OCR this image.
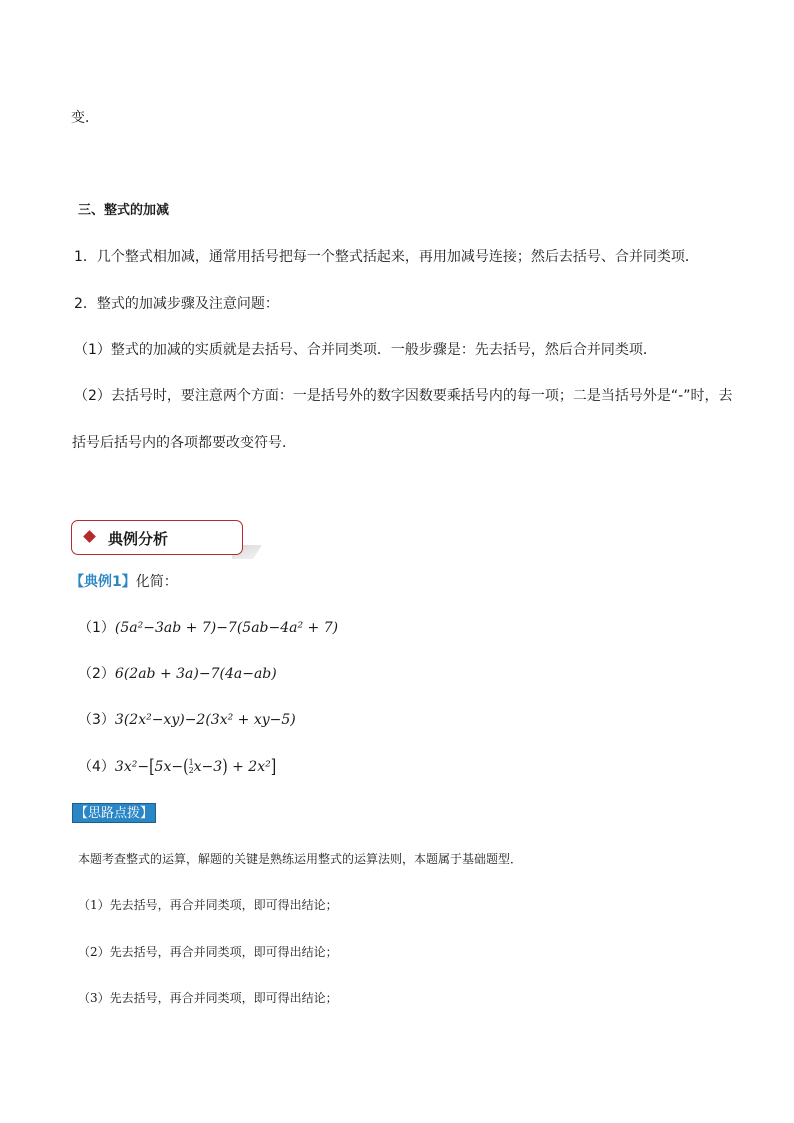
变．
三、整式的加减
1．几个整式相加减，通常用括号把每一个整式括起来，再用加减号连接；然后去括号、合并同类项．
2．整式的加减步骤及注意问题：
（1）整式的加减的实质就是去括号、合并同类项．一般步骤是：先去括号，然后合并同类项．
（2）去括号时，要注意两个方面：一是括号外的数字因数要乘括号内的每一项；二是当括号外是“-”时，去
括号后括号内的各项都要改变符号．
典例分析
【典例1】化简：
（1）(5a²−3ab + 7)−7(5ab−4a² + 7)
（2）6(2ab + 3a)−7(4a−ab)
（3）3(2x²−xy)−2(3x² + xy−5)
（4）3x²−[5x−( 1
2 x−3) + 2x²]
【思路点拨】
本题考查整式的运算，解题的关键是熟练运用整式的运算法则，本题属于基础题型．
（1）先去括号，再合并同类项，即可得出结论；
（2）先去括号，再合并同类项，即可得出结论；
（3）先去括号，再合并同类项，即可得出结论；
